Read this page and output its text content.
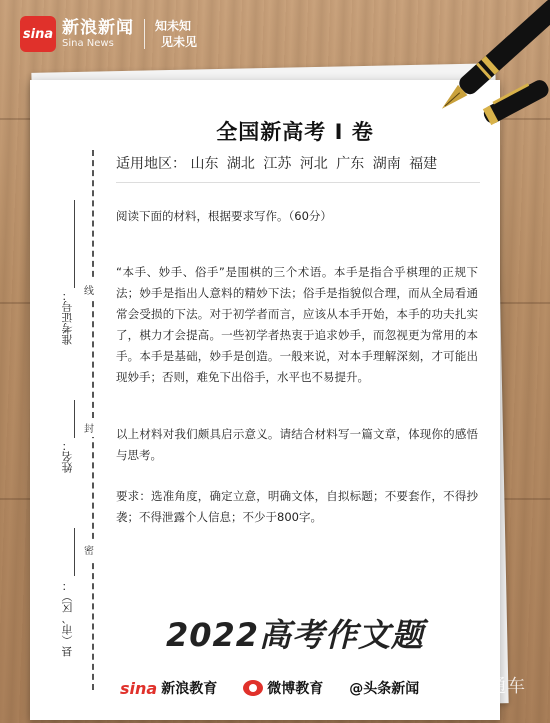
sina 新浪新闻
Sina News
知未知
见未见
线
封
密
准考证号：
姓名：
县（市、区）：
全国新高考 I 卷
适用地区： 山东 湖北 江苏 河北 广东 湖南 福建

阅读下面的材料，根据要求写作。（60分）

“本手、妙手、俗手”是围棋的三个术语。本手是指合乎棋理的正规下法；妙手是指出人意料的精妙下法；俗手是指貌似合理，而从全局看通常会受损的下法。对于初学者而言，应该从本手开始，本手的功夫扎实了，棋力才会提高。一些初学者热衷于追求妙手，而忽视更为常用的本手。本手是基础，妙手是创造。一般来说，对本手理解深刻，才可能出现妙手；否则，难免下出俗手，水平也不易提升。

以上材料对我们颇具启示意义。请结合材料写一篇文章，体现你的感悟与思考。

要求：选准角度，确定立意，明确文体，自拟标题；不要套作，不得抄袭；不得泄露个人信息；不少于800字。

2022高考作文题
sina 新浪教育	微博教育 @头条新闻 高考直通车
